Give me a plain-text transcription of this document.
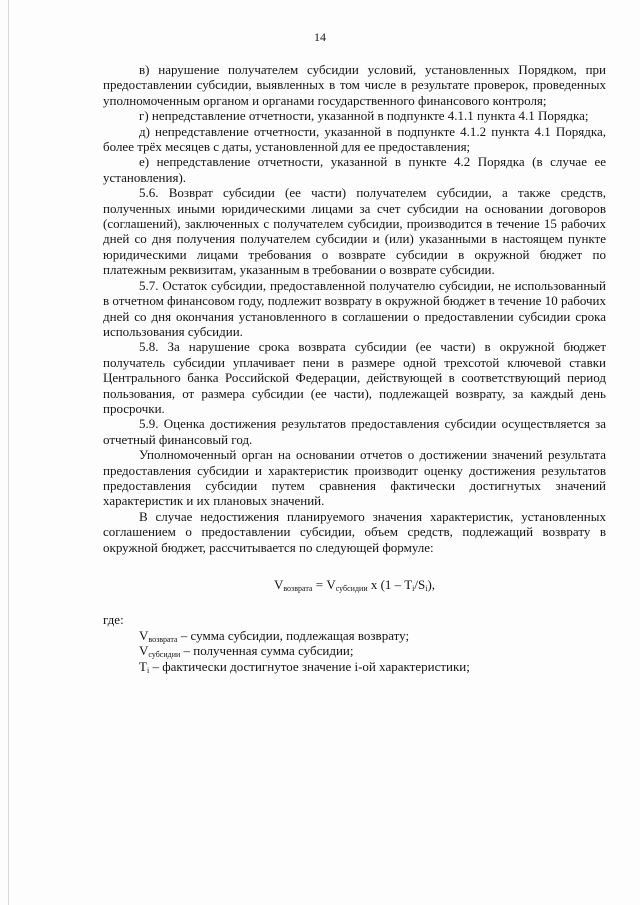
14

в) нарушение получателем субсидии условий, установленных Порядком, при предоставлении субсидии, выявленных в том числе в результате проверок, проведенных уполномоченным органом и органами государственного финансового контроля;

г) непредставление отчетности, указанной в подпункте 4.1.1 пункта 4.1 Порядка;

д) непредставление отчетности, указанной в подпункте 4.1.2 пункта 4.1 Порядка, более трёх месяцев с даты, установленной для ее предоставления;

е) непредставление отчетности, указанной в пункте 4.2 Порядка (в случае ее установления).

5.6. Возврат субсидии (ее части) получателем субсидии, а также средств, полученных иными юридическими лицами за счет субсидии на основании договоров (соглашений), заключенных с получателем субсидии, производится в течение 15 рабочих дней со дня получения получателем субсидии и (или) указанными в настоящем пункте юридическими лицами требования о возврате субсидии в окружной бюджет по платежным реквизитам, указанным в требовании о возврате субсидии.

5.7. Остаток субсидии, предоставленной получателю субсидии, не использованный в отчетном финансовом году, подлежит возврату в окружной бюджет в течение 10 рабочих дней со дня окончания установленного в соглашении о предоставлении субсидии срока использования субсидии.

5.8. За нарушение срока возврата субсидии (ее части) в окружной бюджет получатель субсидии уплачивает пени в размере одной трехсотой ключевой ставки Центрального банка Российской Федерации, действующей в соответствующий период пользования, от размера субсидии (ее части), подлежащей возврату, за каждый день просрочки.

5.9. Оценка достижения результатов предоставления субсидии осуществляется за отчетный финансовый год.

Уполномоченный орган на основании отчетов о достижении значений результата предоставления субсидии и характеристик производит оценку достижения результатов предоставления субсидии путем сравнения фактически достигнутых значений характеристик и их плановых значений.

В случае недостижения планируемого значения характеристик, установленных соглашением о предоставлении субсидии, объем средств, подлежащий возврату в окружной бюджет, рассчитывается по следующей формуле:

$V_{возврата} = V_{субсидии}$ x $(1 - T_i/S_i)$,

где:

$V_{возврата}$ – сумма субсидии, подлежащая возврату;

$V_{субсидии}$ – полученная сумма субсидии;

$T_i$ – фактически достигнутое значение i-ой характеристики;
